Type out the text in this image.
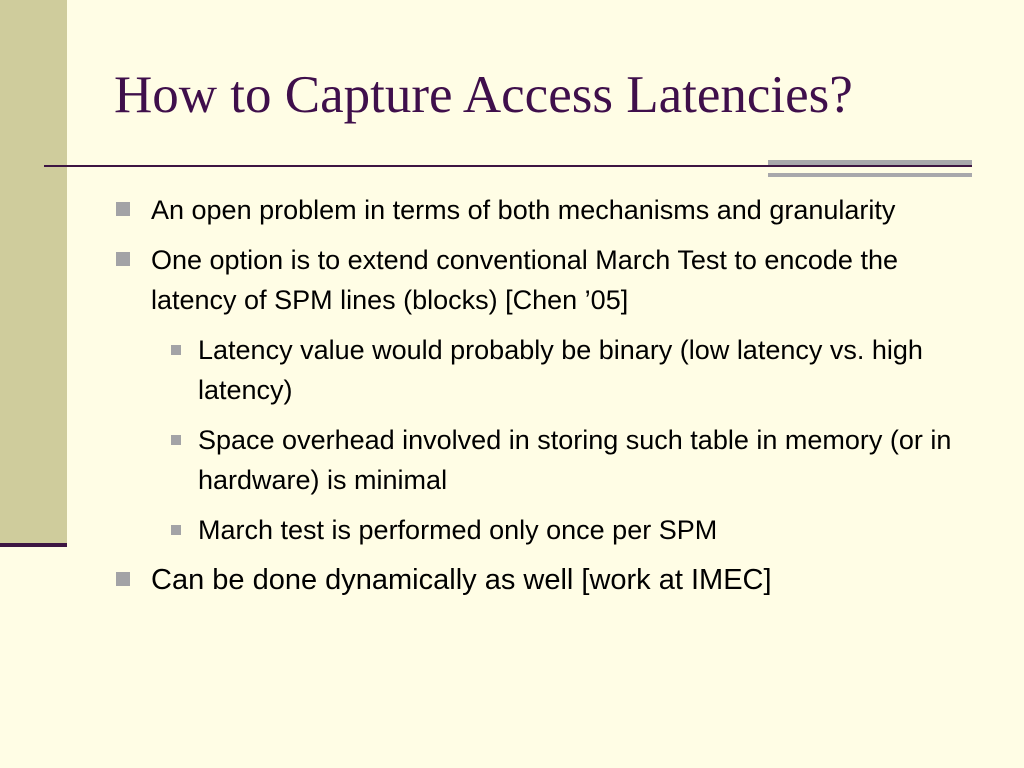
How to Capture Access Latencies?
An open problem in terms of both mechanisms and granularity
One option is to extend conventional March Test to encode the latency of SPM lines (blocks) [Chen ’05]
Latency value would probably be binary (low latency vs. high latency)
Space overhead involved in storing such table in memory (or in hardware) is minimal
March test is performed only once per SPM
Can be done dynamically as well [work at IMEC]
